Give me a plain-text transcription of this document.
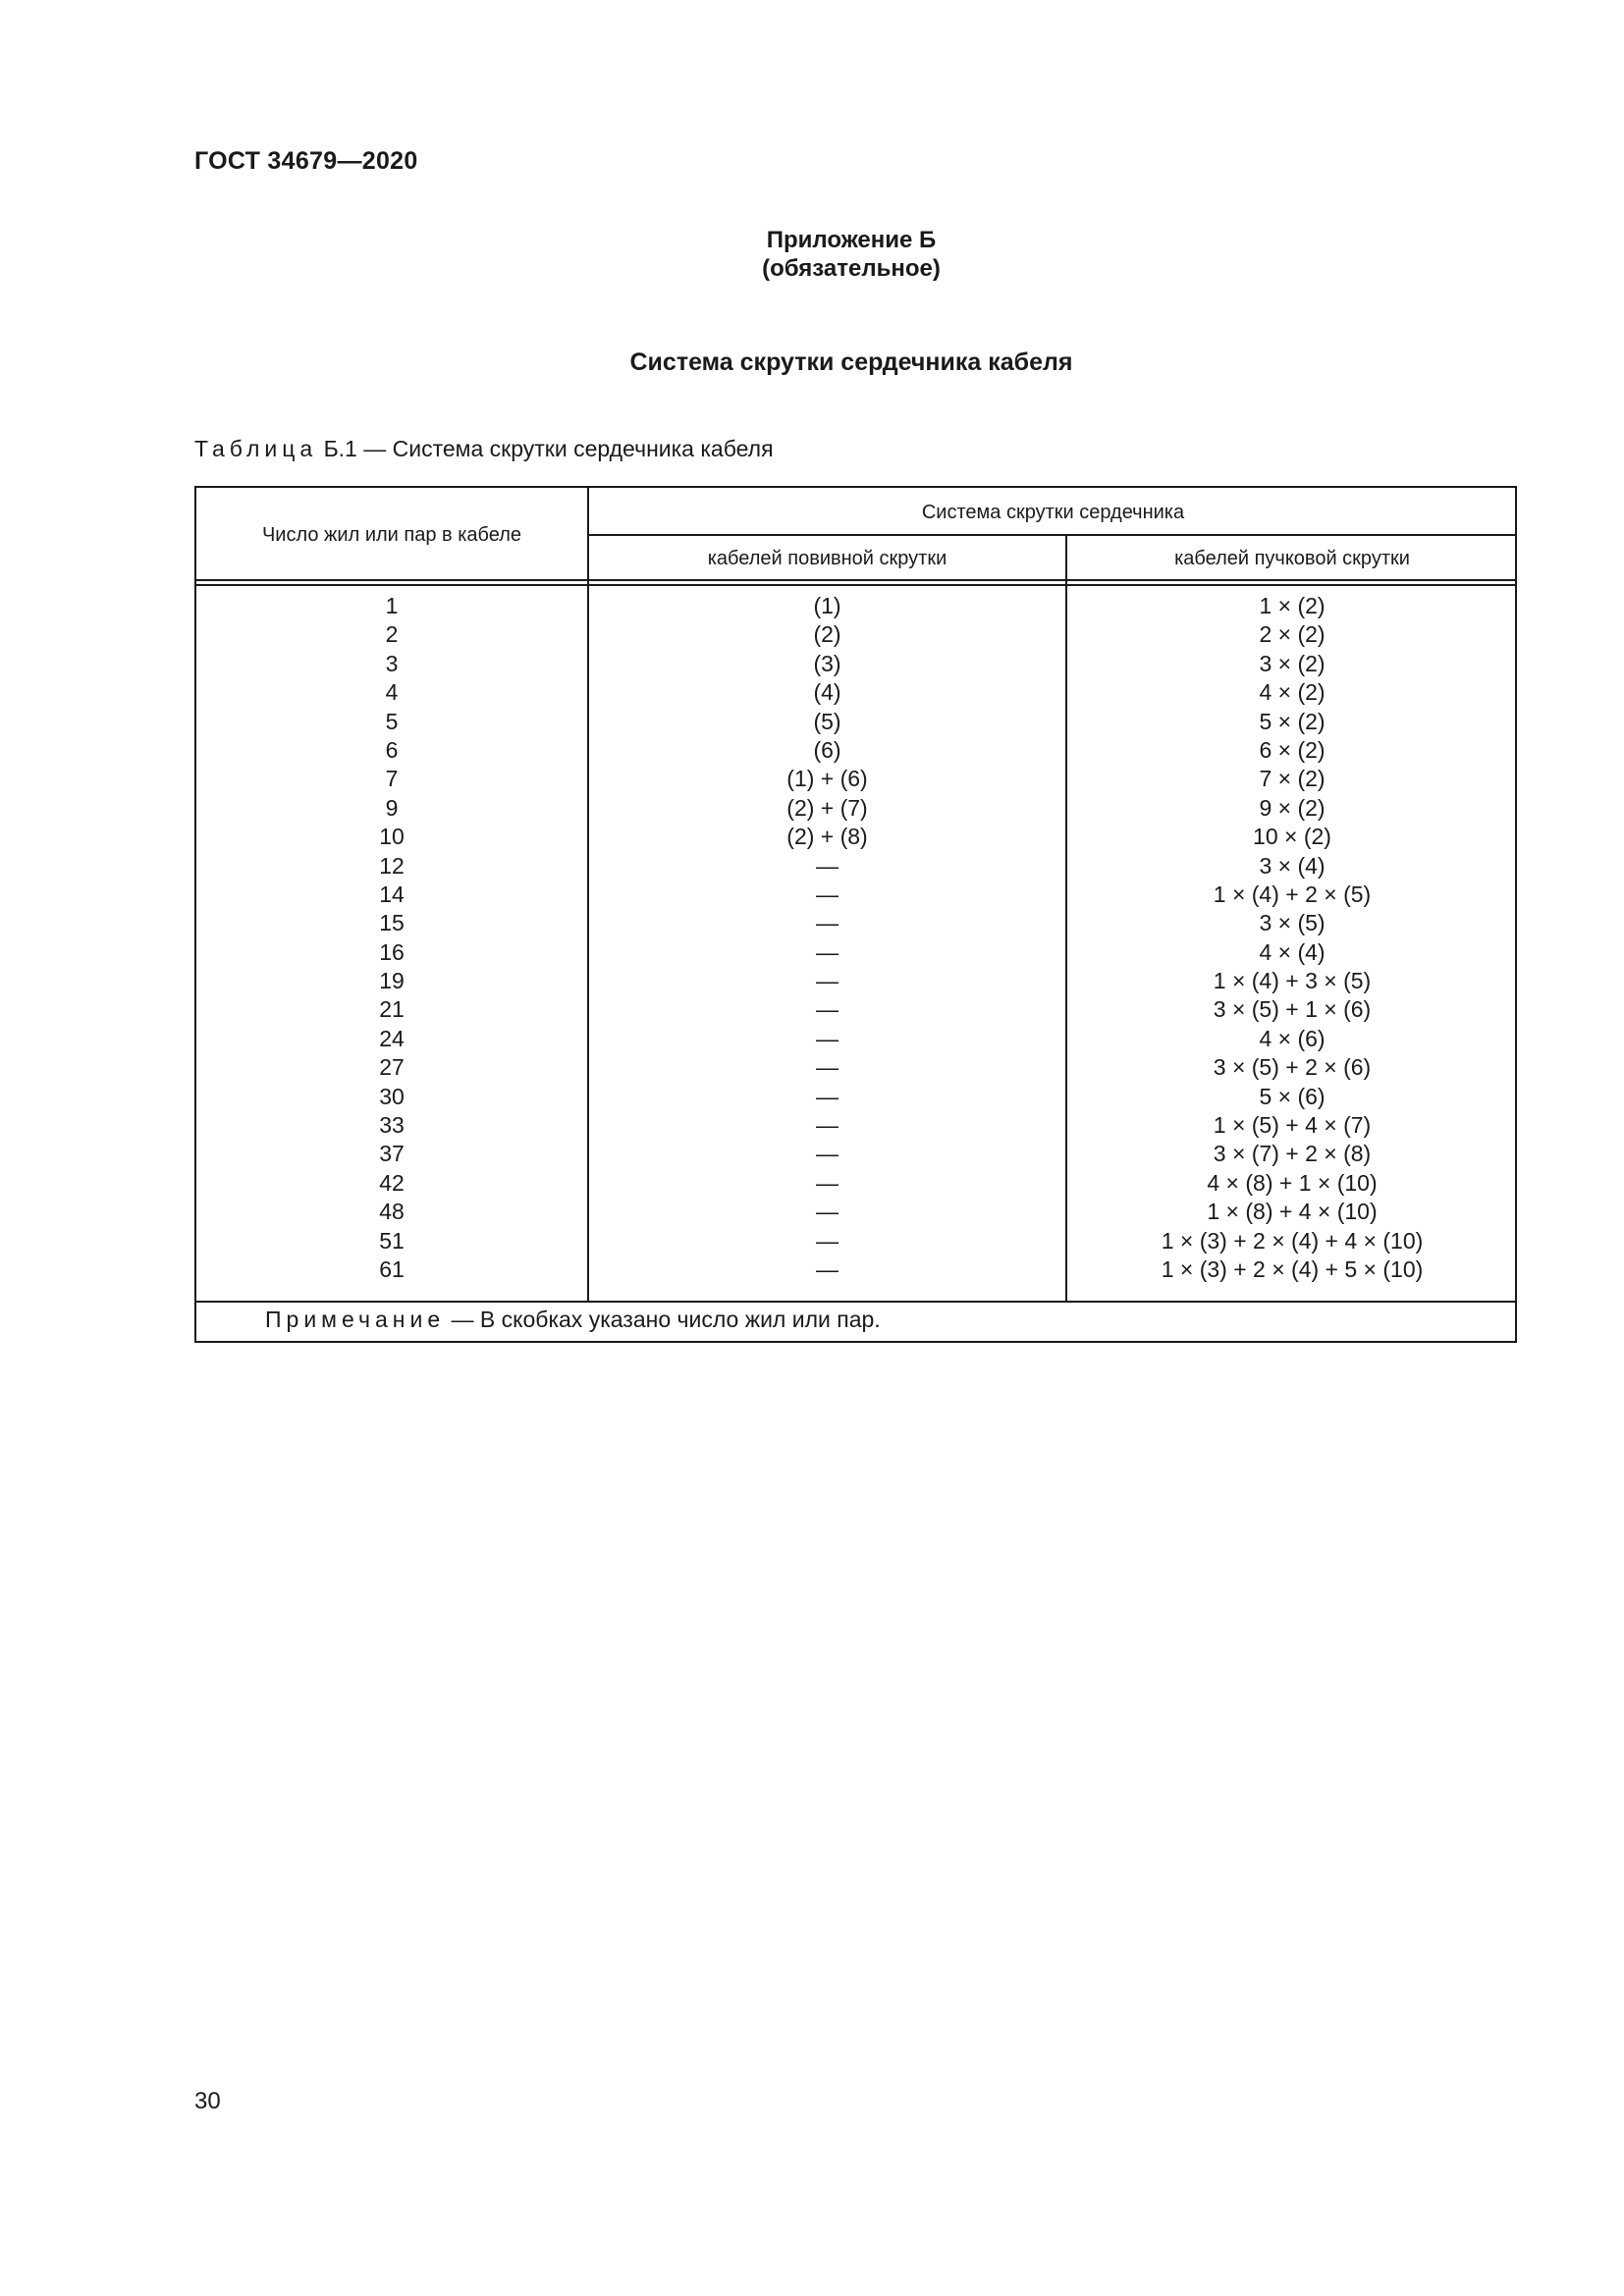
ГОСТ 34679—2020
Приложение Б
(обязательное)
Система скрутки сердечника кабеля

Таблица Б.1 — Система скрутки сердечника кабеля

Число жил или пар в кабеле
Система скрутки сердечника
кабелей повивной скрутки	кабелей пучковой скрутки
1
2
3
4
5
6
7
9
10
12
14
15
16
19
21
24
27
30
33
37
42
48
51
61
(1)
(2)
(3)
(4)
(5)
(6)
(1) + (6)
(2) + (7)
(2) + (8)
—
—
—
—
—
—
—
—
—
—
—
—
—
—
—
1 × (2)
2 × (2)
3 × (2)
4 × (2)
5 × (2)
6 × (2)
7 × (2)
9 × (2)
10 × (2)
3 × (4)
1 × (4) + 2 × (5)
3 × (5)
4 × (4)
1 × (4) + 3 × (5)
3 × (5) + 1 × (6)
4 × (6)
3 × (5) + 2 × (6)
5 × (6)
1 × (5) + 4 × (7)
3 × (7) + 2 × (8)
4 × (8) + 1 × (10)
1 × (8) + 4 × (10)
1 × (3) + 2 × (4) + 4 × (10)
1 × (3) + 2 × (4) + 5 × (10)
Примечание — В скобках указано число жил или пар.

30
